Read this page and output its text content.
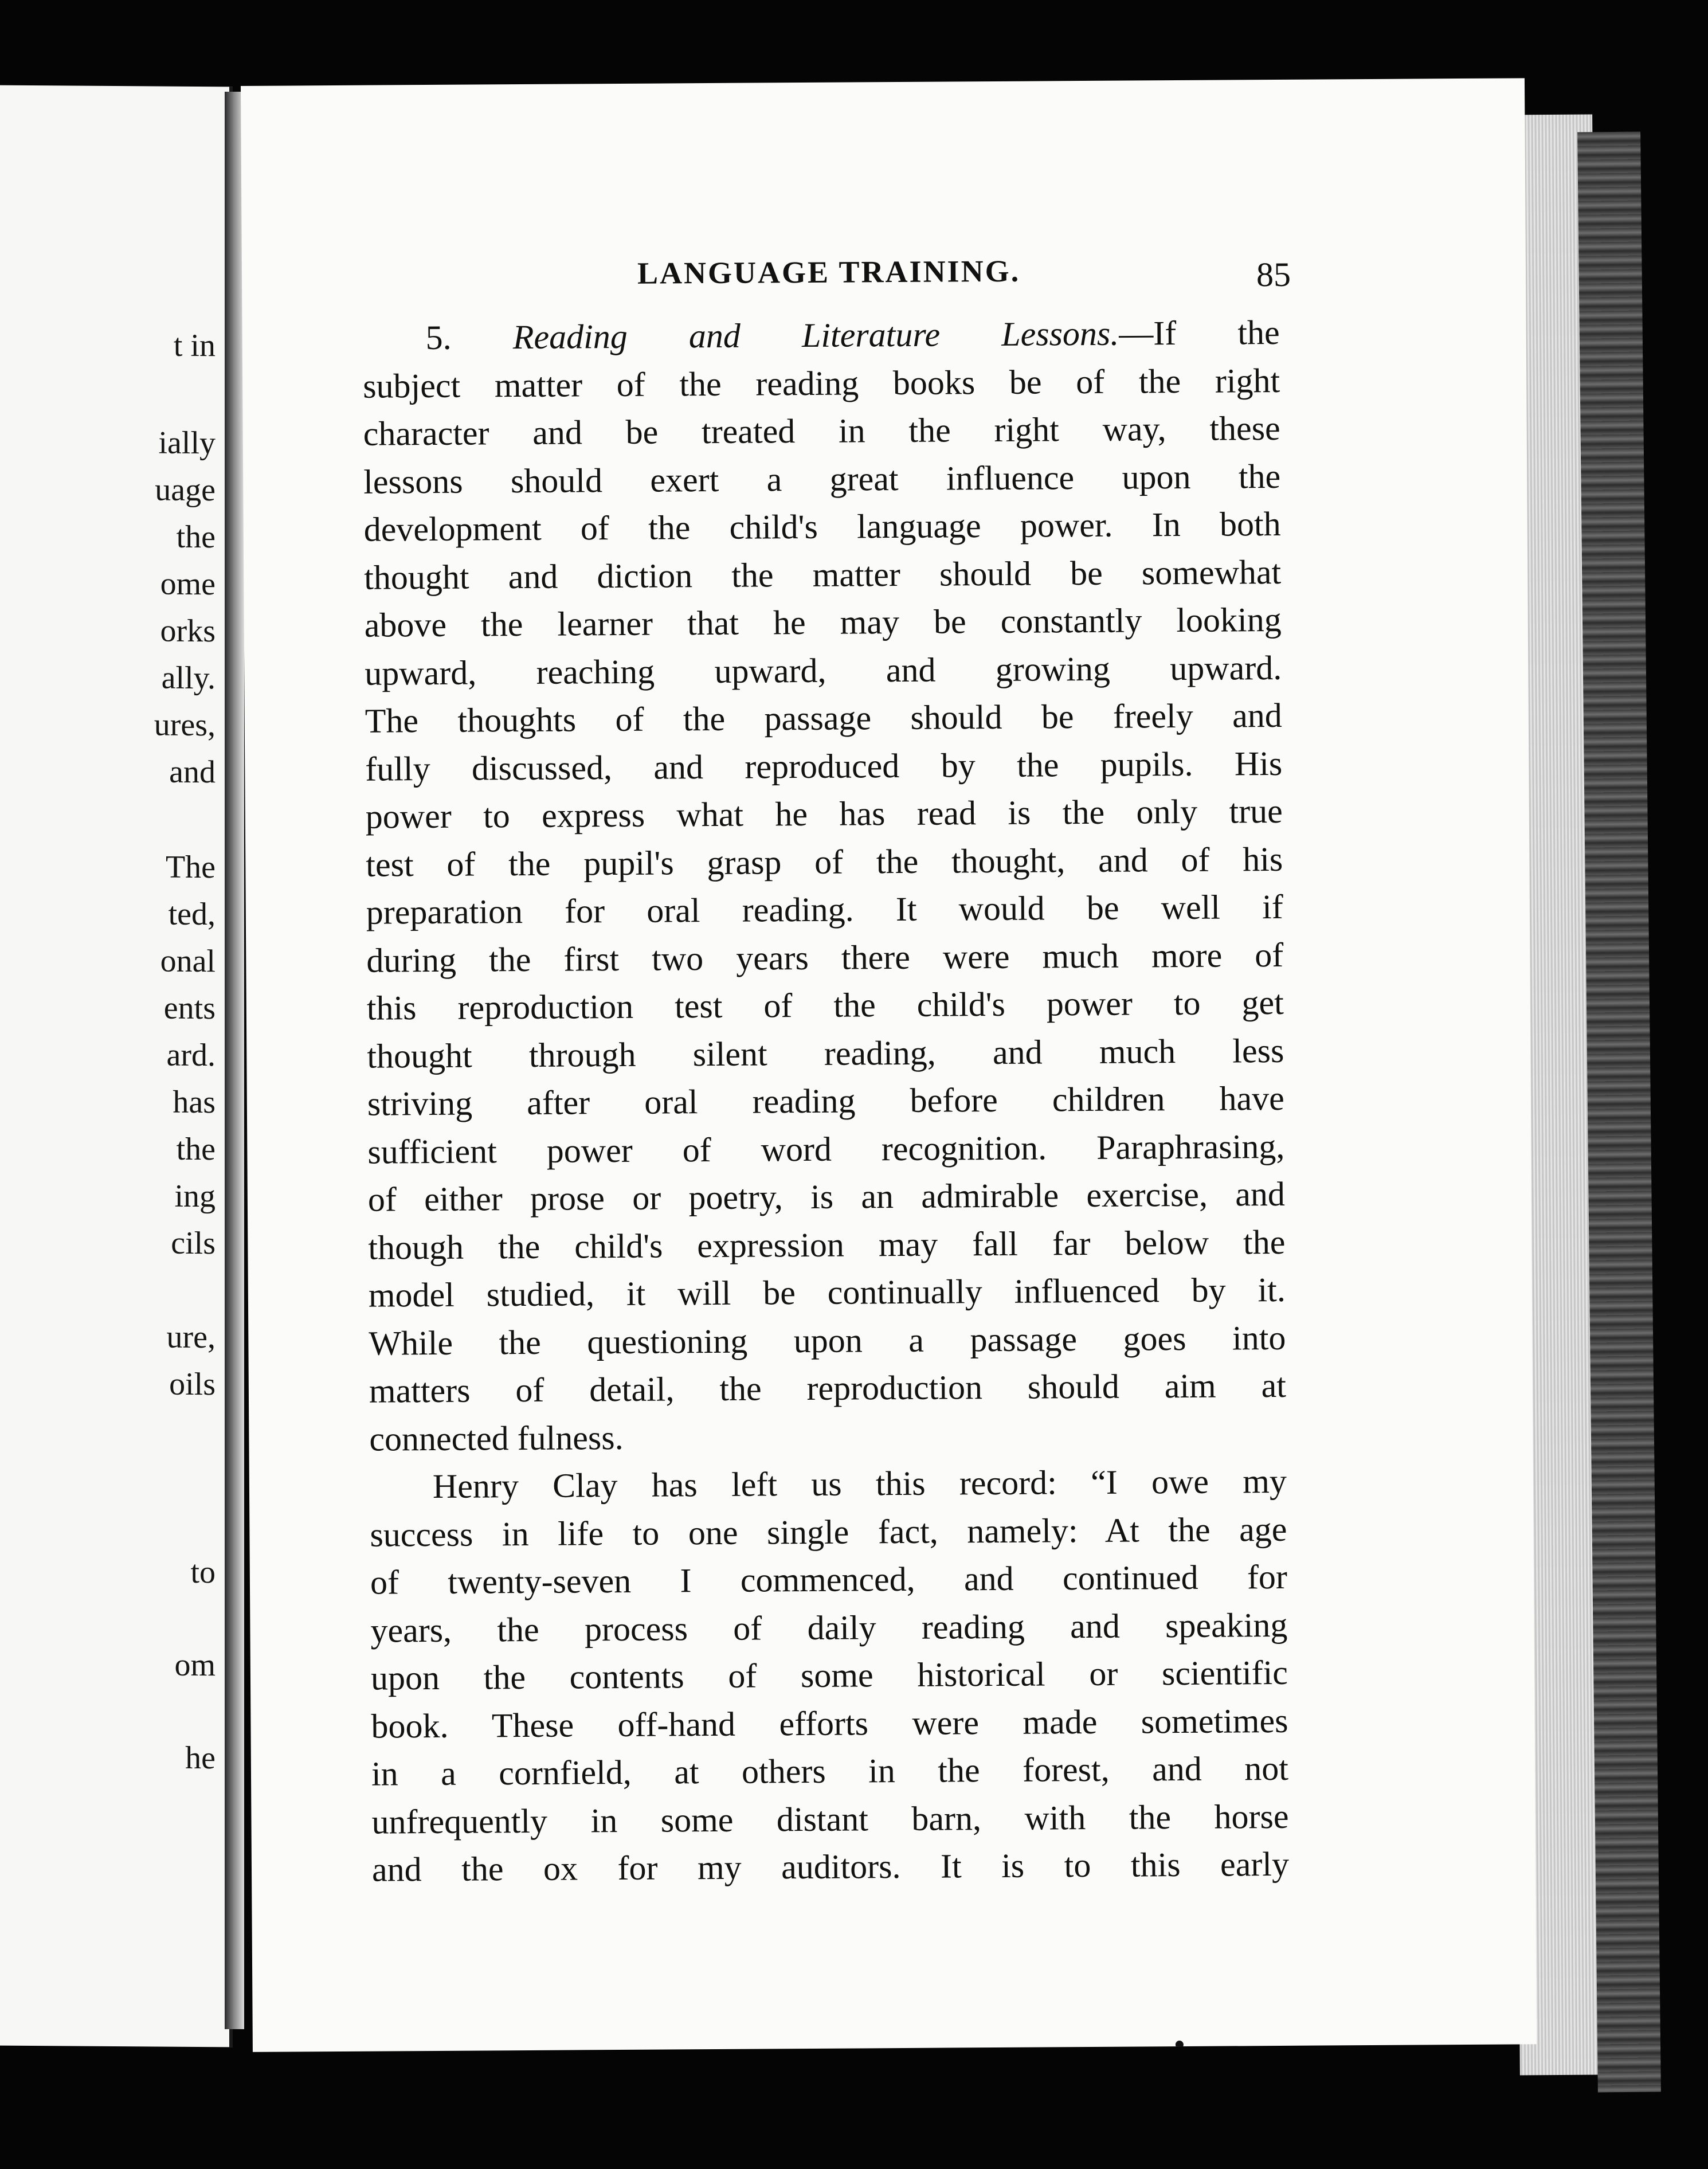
t in
ially
uage
the
ome
orks
ally.
ures,
and
The
ted,
onal
ents
ard.
has
the
ing
cils
ure,
oils
to
om
he
LANGUAGE TRAINING.	85
5. Reading and Literature Lessons.—If the
subject matter of the reading books be of the right
character and be treated in the right way, these
lessons should exert a great influence upon the
development of the child's language power. In both
thought and diction the matter should be somewhat
above the learner that he may be constantly looking
upward, reaching upward, and growing upward.
The thoughts of the passage should be freely and
fully discussed, and reproduced by the pupils. His
power to express what he has read is the only true
test of the pupil's grasp of the thought, and of his
preparation for oral reading. It would be well if
during the first two years there were much more of
this reproduction test of the child's power to get
thought through silent reading, and much less
striving after oral reading before children have
sufficient power of word recognition. Paraphrasing,
of either prose or poetry, is an admirable exercise, and
though the child's expression may fall far below the
model studied, it will be continually influenced by it.
While the questioning upon a passage goes into
matters of detail, the reproduction should aim at
connected fulness.
Henry Clay has left us this record: “I owe my
success in life to one single fact, namely: At the age
of twenty-seven I commenced, and continued for
years, the process of daily reading and speaking
upon the contents of some historical or scientific
book. These off-hand efforts were made sometimes
in a cornfield, at others in the forest, and not
unfrequently in some distant barn, with the horse
and the ox for my auditors. It is to this early
